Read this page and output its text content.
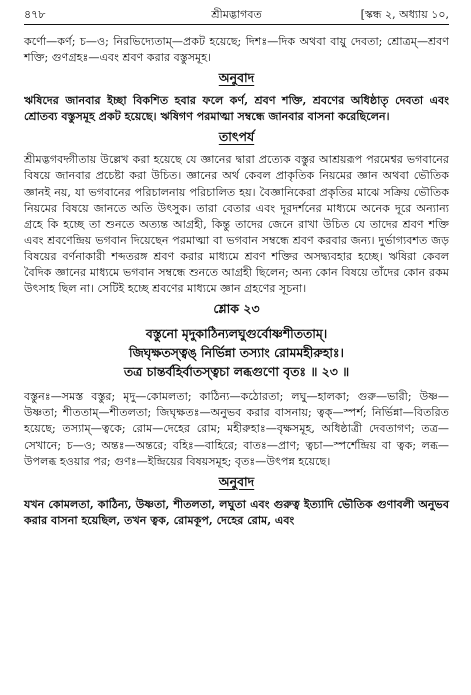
৪৭৮	শ্রীমদ্ভাগবত	[স্কন্ধ ২, অধ্যায় ১০,

কর্ণো—কর্ণ; চ—ও; নিরভিদ্যেতাম্—প্রকট হয়েছে; দিশঃ—দিক অথবা বায়ু দেবতা; শ্রোত্রম্—শ্রবণ শক্তি; গুণগ্রহঃ—এবং শ্রবণ করার বস্তুসমূহ।

অনুবাদ

ঋষিদের জানবার ইচ্ছা বিকশিত হবার ফলে কর্ণ, শ্রবণ শক্তি, শ্রবণের অধিষ্ঠাতৃ দেবতা এবং শ্রোতব্য বস্তুসমূহ প্রকট হয়েছে। ঋষিগণ পরমাত্মা সম্বন্ধে জানবার বাসনা করেছিলেন।

তাৎপর্য

শ্রীমদ্ভগবদ্গীতায় উল্লেখ করা হয়েছে যে জ্ঞানের দ্বারা প্রত্যেক বস্তুর আশ্রয়রূপ পরমেশ্বর ভগবানের বিষয়ে জানবার প্রচেষ্টা করা উচিত। জ্ঞানের অর্থ কেবল প্রাকৃতিক নিয়মের জ্ঞান অথবা ভৌতিক জ্ঞানই নয়, যা ভগবানের পরিচালনায় পরিচালিত হয়। বৈজ্ঞানিকেরা প্রকৃতির মাঝে সক্রিয় ভৌতিক নিয়মের বিষয়ে জানতে অতি উৎসুক। তারা বেতার এবং দূরদর্শনের মাধ্যমে অনেক দূরে অন্যান্য গ্রহে কি হচ্ছে তা শুনতে অত্যন্ত আগ্রহী, কিন্তু তাদের জেনে রাখা উচিত যে তাদের শ্রবণ শক্তি এবং শ্রবণেন্দ্রিয় ভগবান দিয়েছেন পরমাত্মা বা ভগবান সম্বন্ধে শ্রবণ করবার জন্য। দুর্ভাগ্যবশত জড় বিষয়ের বর্ণনাকারী শব্দতরঙ্গ শ্রবণ করার মাধ্যমে শ্রবণ শক্তির অসদ্ব্যবহার হচ্ছে। ঋষিরা কেবল বৈদিক জ্ঞানের মাধ্যমে ভগবান সম্বন্ধে শুনতে আগ্রহী ছিলেন; অন্য কোন বিষয়ে তাঁদের কোন রকম উৎসাহ ছিল না। সেটিই হচ্ছে শ্রবণের মাধ্যমে জ্ঞান গ্রহণের সূচনা।

শ্লোক ২৩
বস্তুনো মৃদুকাঠিন্যলঘুগুর্বোষ্ণশীততাম্।
জিঘৃক্ষতস্ত্বঙ্ নির্ভিন্না তস্যাং রোমমহীরুহাঃ।
তত্র চান্তর্বহির্বাতস্ত্বচা লব্ধগুণো বৃতঃ ॥ ২৩ ॥

বস্তুনঃ—সমস্ত বস্তুর; মৃদু—কোমলতা; কাঠিন্য—কঠোরতা; লঘু—হালকা; গুরু—ভারী; উষ্ণ—উষ্ণতা; শীততাম্—শীতলতা; জিঘৃক্ষতঃ—অনুভব করার বাসনায়; ত্বক্—স্পর্শ; নির্ভিন্না—বিতরিত হয়েছে; তস্যাম্—ত্বকে; রোম—দেহের রোম; মহীরুহাঃ—বৃক্ষসমূহ, অধিষ্ঠাত্রী দেবতাগণ; তত্র—সেখানে; চ—ও; অন্তঃ—অন্তরে; বহিঃ—বাহিরে; বাতঃ—প্রাণ; ত্বচা—স্পর্শেন্দ্রিয় বা ত্বক; লব্ধ—উপলব্ধ হওয়ার পর; গুণঃ—ইন্দ্রিয়ের বিষয়সমূহ; বৃতঃ—উৎপন্ন হয়েছে।

অনুবাদ

যখন কোমলতা, কাঠিন্য, উষ্ণতা, শীতলতা, লঘুতা এবং গুরুত্ব ইত্যাদি ভৌতিক গুণাবলী অনুভব করার বাসনা হয়েছিল, তখন ত্বক, রোমকূপ, দেহের রোম, এবং
